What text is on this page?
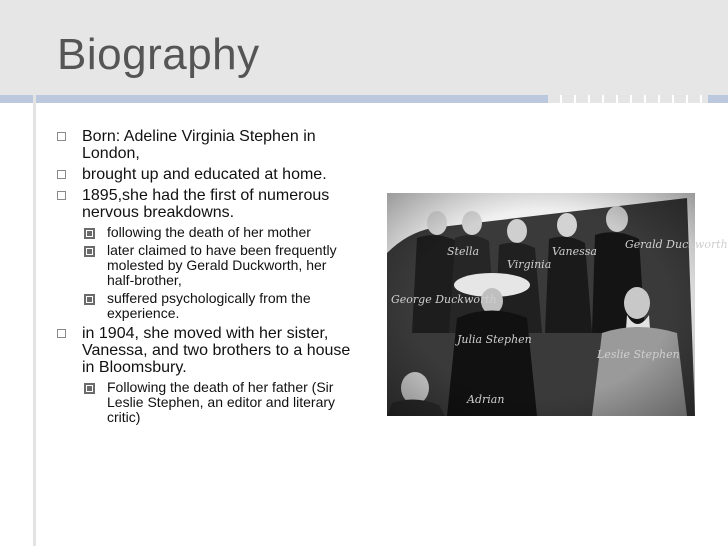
Biography
Born: Adeline Virginia Stephen in London,
brought up and educated at home.
1895,she had the first of numerous nervous breakdowns.
following the death of her mother
later claimed to have been frequently molested by Gerald Duckworth, her half-brother,
suffered psychologically from the experience.
in 1904, she moved with her sister, Vanessa, and two brothers to a house in Bloomsbury.
Following the death of her father (Sir Leslie Stephen, an editor and literary critic)
Stella
Virginia
Vanessa
Gerald Duckworth
George Duckworth
Julia Stephen
Leslie Stephen
Adrian
